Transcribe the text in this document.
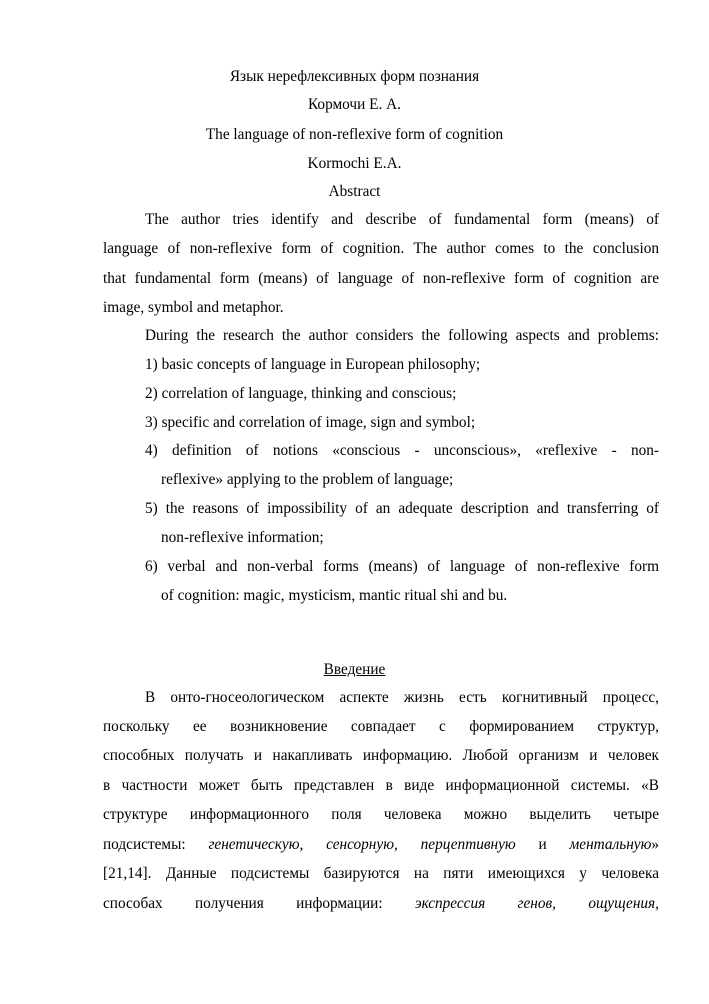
Язык нерефлексивных форм познания
Кормочи Е. А.
The language of non-reflexive form of cognition
Kormochi E.A.
Abstract
The author tries identify and describe of fundamental form (means) of
language of non-reflexive form of cognition. The author comes to the conclusion
that fundamental form (means) of language of non-reflexive form of cognition are
image, symbol and metaphor.
During the research the author considers the following aspects and problems:
1) basic concepts of language in European philosophy;
2) correlation of language, thinking and conscious;
3) specific and correlation of image, sign and symbol;
4) definition of notions «conscious - unconscious», «reflexive - non-
reflexive» applying to the problem of language;
5) the reasons of impossibility of an adequate description and transferring of
non-reflexive information;
6) verbal and non-verbal forms (means) of language of non-reflexive form
of cognition: magic, mysticism, mantic ritual shi and bu.
Введение
В онто-гносеологическом аспекте жизнь есть когнитивный процесс,
поскольку ее возникновение совпадает с формированием структур,
способных получать и накапливать информацию. Любой организм и человек
в частности может быть представлен в виде информационной системы. «В
структуре информационного поля человека можно выделить четыре
подсистемы: генетическую, сенсорную, перцептивную и ментальную»
[21,14]. Данные подсистемы базируются на пяти имеющихся у человека
способах получения информации: экспрессия генов, ощущения,
